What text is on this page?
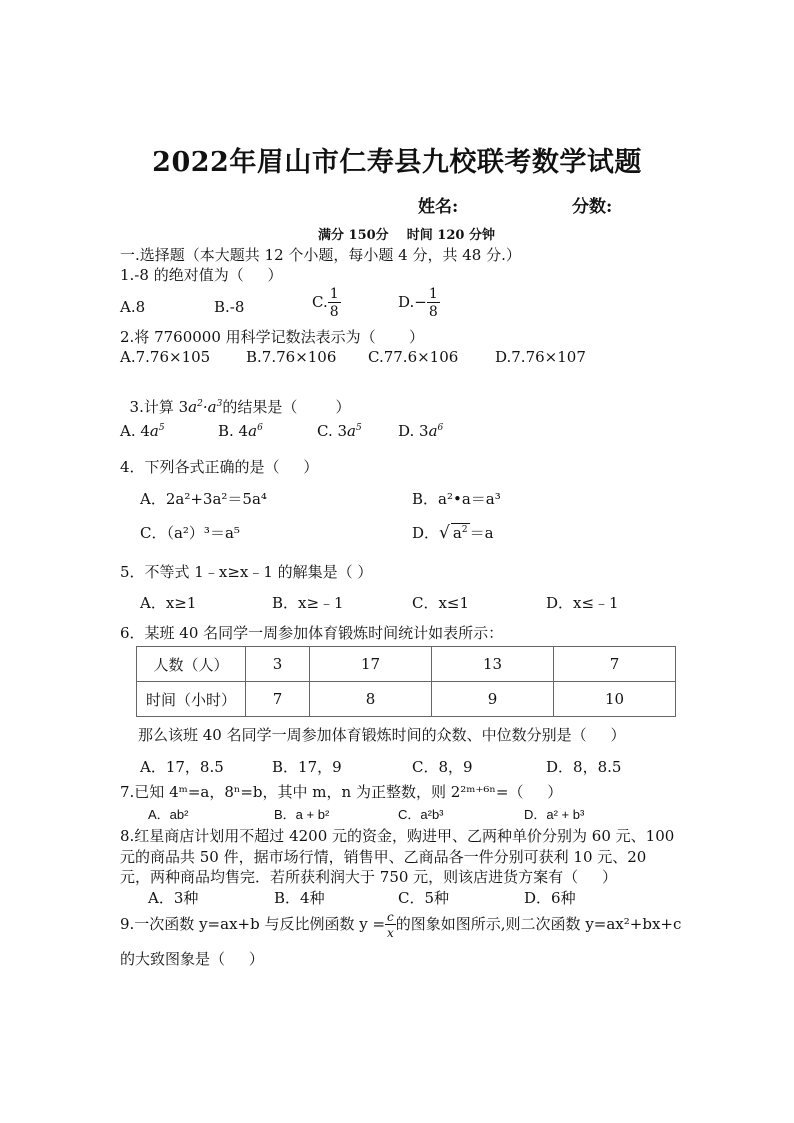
2022年眉山市仁寿县九校联考数学试题
姓名:	分数:
满分 150分    时间 120 分钟
一.选择题（本大题共 12 个小题，每小题 4 分，共 48 分.）
1.-8 的绝对值为（     ）
A.8	B.-8	C. $\frac{1}{8}$	$D.- \frac{1}{8}$
2.将 7760000 用科学记数法表示为（       ）
A.7.76×105 B.7.76×106 C.77.6×106 D.7.76×107

3.计算 $3a^2\cdot a^3$的结果是（        ）

A. $4a^5$	B. $4a^6$	C. $3a^5$ D. $3a^6$
4．下列各式正确的是（     ）
A．2a²+3a²＝5a⁴	B．a²•a＝a³
C．（a²）³＝a⁵	D．√ $a^2 =a$
5．不等式 1﹣x≥x﹣1 的解集是（ ）
A．x≥1	B．x≥﹣1	C．x≤1	D．x≤﹣1
6．某班 40 名同学一周参加体育锻炼时间统计如表所示：
人数（人）	3	17	13	7
时间（小时）	7	8	9	10
那么该班 40 名同学一周参加体育锻炼时间的众数、中位数分别是（     ）
A．17，8.5	B．17，9	C．8，9	D．8，8.5
7.已知 4ᵐ=a，8ⁿ=b，其中 m，n 为正整数，则 2²ᵐ⁺⁶ⁿ=（     ）
A．ab²	B．a + b²	C．a²b³	D．a² + b³
8.红星商店计划用不超过 4200 元的资金，购进甲、乙两种单价分别为 60 元、100
元的商品共 50 件，据市场行情，销售甲、乙商品各一件分别可获利 10 元、20
元，两种商品均售完．若所获利润大于 750 元，则该店进货方案有（     ）
A．3种	B．4种	C．5种	D．6种
9.一次函数 y=ax+b 与反比例函数 $y = \frac{c}{x}$ 的图象如图所示,则二次函数 y=ax²+bx+c
的大致图象是（     ）
